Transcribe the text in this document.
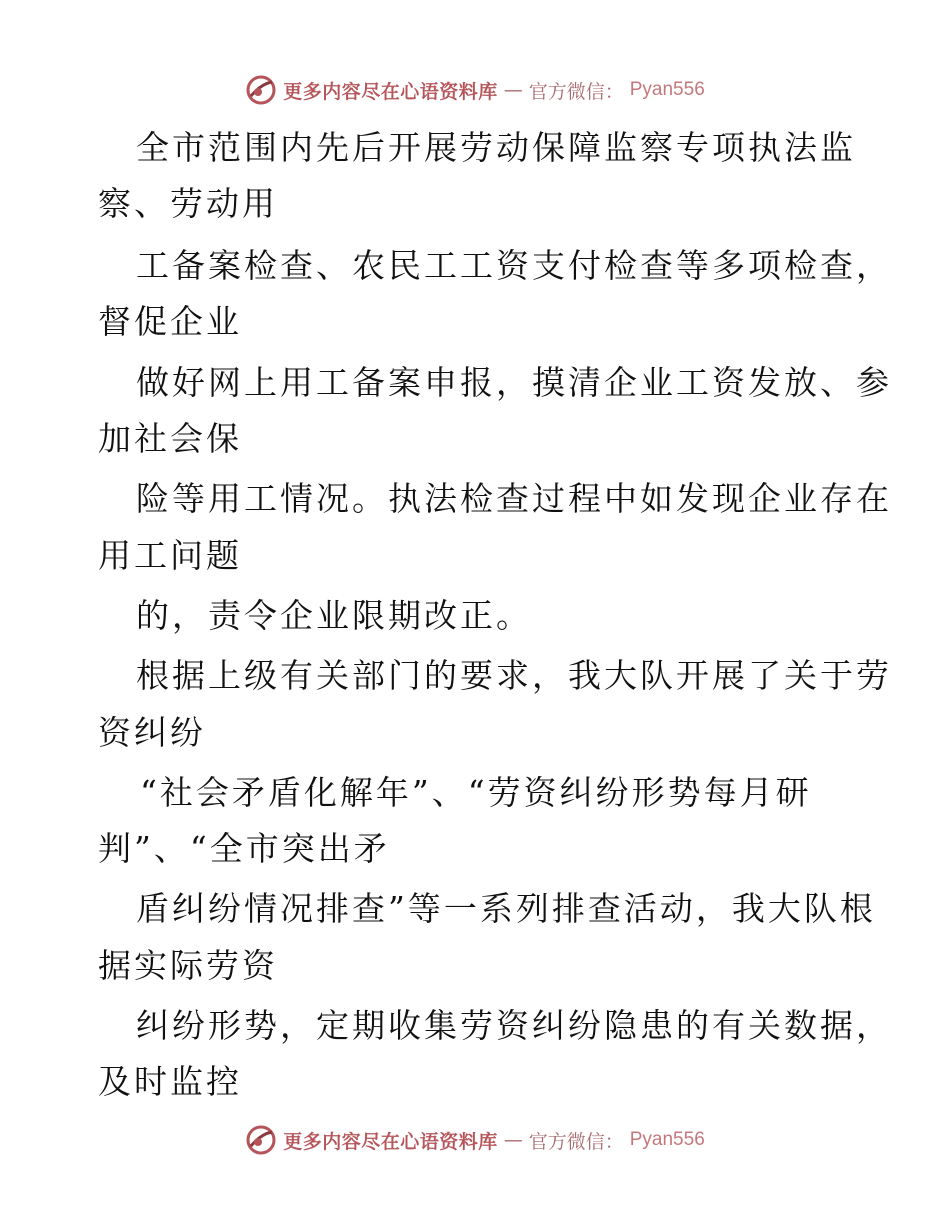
更多内容尽在心语资料库 — 官方微信： Pyan556
全市范围内先后开展劳动保障监察专项执法监
察、劳动用
工备案检查、农民工工资支付检查等多项检查，
督促企业
做好网上用工备案申报，摸清企业工资发放、参
加社会保
险等用工情况。执法检查过程中如发现企业存在
用工问题
的，责令企业限期改正。
根据上级有关部门的要求，我大队开展了关于劳
资纠纷
“社会矛盾化解年”、“劳资纠纷形势每月研
判”、“全市突出矛
盾纠纷情况排查”等一系列排查活动，我大队根
据实际劳资
纠纷形势，定期收集劳资纠纷隐患的有关数据，
及时监控
更多内容尽在心语资料库 — 官方微信： Pyan556
